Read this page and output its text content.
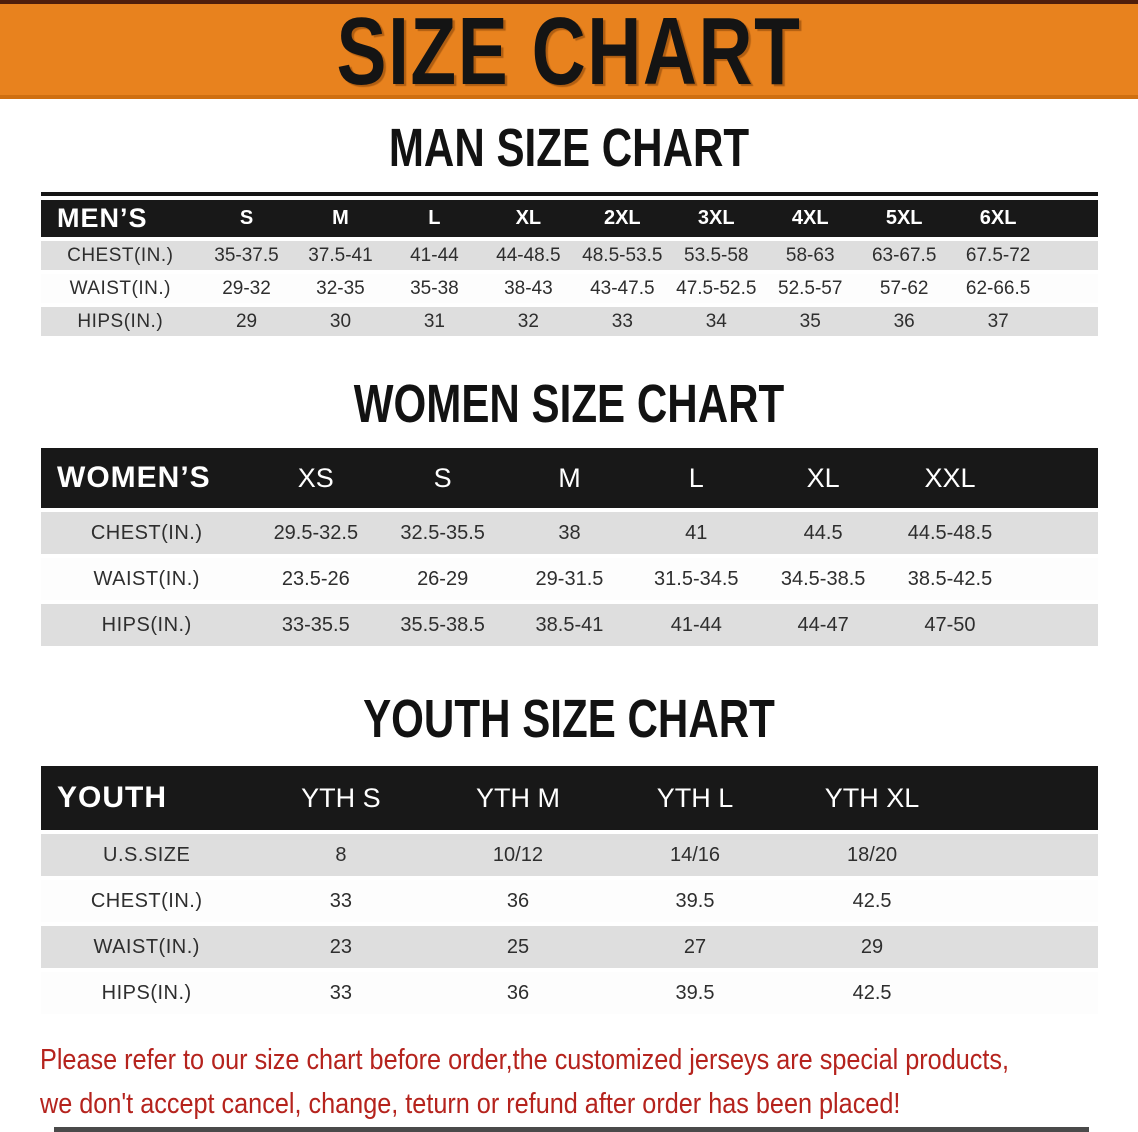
SIZE CHART
MAN SIZE CHART
MEN’S	S	M	L	XL	2XL	3XL	4XL	5XL	6XL	
CHEST(IN.)	35-37.5	37.5-41	41-44	44-48.5	48.5-53.5	53.5-58	58-63	63-67.5	67.5-72	
WAIST(IN.)	29-32	32-35	35-38	38-43	43-47.5	47.5-52.5	52.5-57	57-62	62-66.5	
HIPS(IN.)	29	30	31	32	33	34	35	36	37	
WOMEN SIZE CHART
WOMEN’S	XS	S	M	L	XL	XXL	
CHEST(IN.)	29.5-32.5	32.5-35.5	38	41	44.5	44.5-48.5	
WAIST(IN.)	23.5-26	26-29	29-31.5	31.5-34.5	34.5-38.5	38.5-42.5	
HIPS(IN.)	33-35.5	35.5-38.5	38.5-41	41-44	44-47	47-50	
YOUTH SIZE CHART
YOUTH	YTH S	YTH M	YTH L	YTH XL	
U.S.SIZE	8	10/12	14/16	18/20	
CHEST(IN.)	33	36	39.5	42.5	
WAIST(IN.)	23	25	27	29	
HIPS(IN.)	33	36	39.5	42.5	

Please refer to our size chart before order,the customized jerseys are special products,
we don't accept cancel, change, teturn or refund after order has been placed!
